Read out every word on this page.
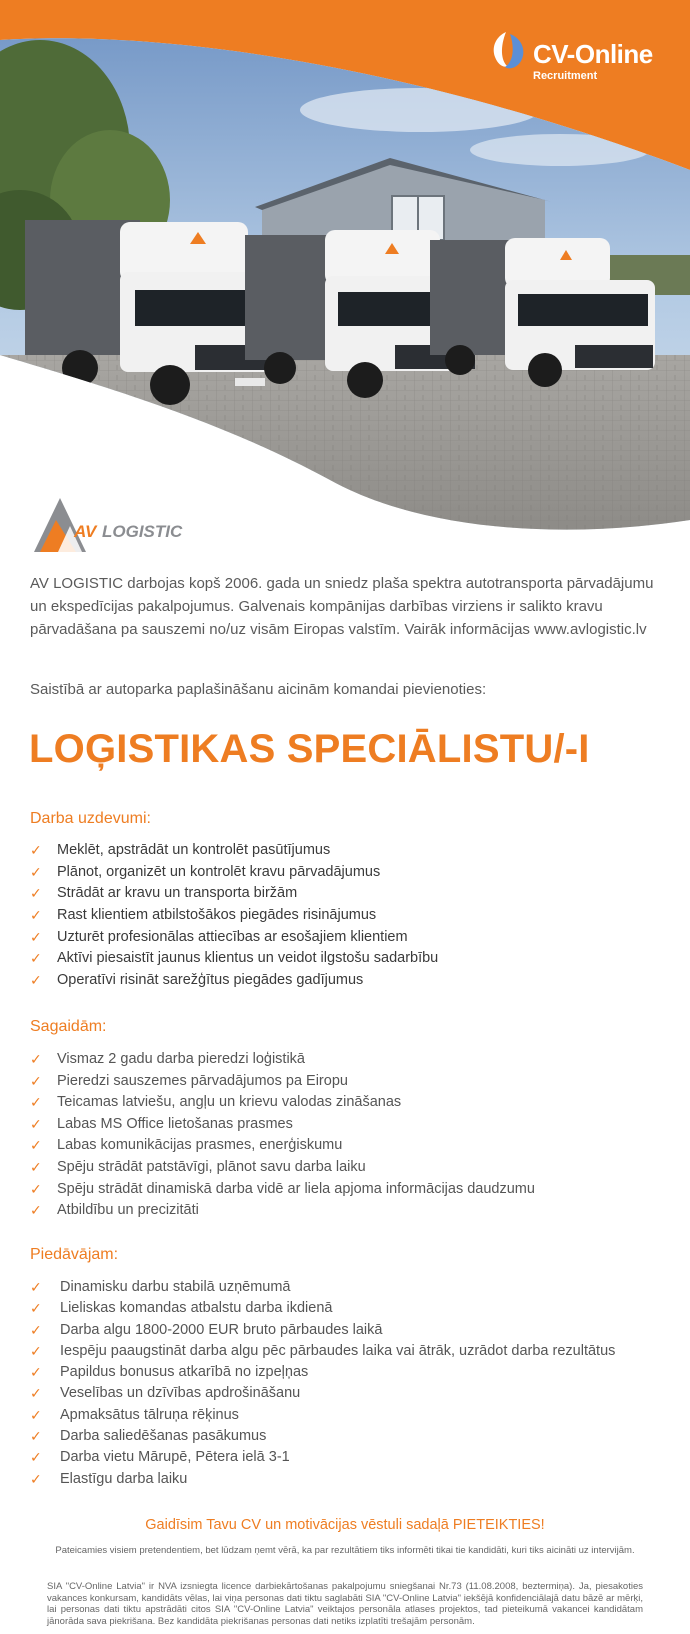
CV-Online
Recruitment
AV LOGISTIC
AV LOGISTIC darbojas kopš 2006. gada un sniedz plaša spektra autotransporta pārvadājumu un ekspedīcijas pakalpojumus. Galvenais kompānijas darbības virziens ir salikto kravu pārvadāšana pa sauszemi no/uz visām Eiropas valstīm. Vairāk informācijas www.avlogistic.lv
Saistībā ar autoparka paplašināšanu aicinām komandai pievienoties:
LOĢISTIKAS SPECIĀLISTU/-I
Darba uzdevumi:
✓ Meklēt, apstrādāt un kontrolēt pasūtījumus
✓ Plānot, organizēt un kontrolēt kravu pārvadājumus
✓ Strādāt ar kravu un transporta biržām
✓ Rast klientiem atbilstošākos piegādes risinājumus
✓ Uzturēt profesionālas attiecības ar esošajiem klientiem
✓ Aktīvi piesaistīt jaunus klientus un veidot ilgstošu sadarbību
✓ Operatīvi risināt sarežģītus piegādes gadījumus
Sagaidām:
✓ Vismaz 2 gadu darba pieredzi loģistikā
✓ Pieredzi sauszemes pārvadājumos pa Eiropu
✓ Teicamas latviešu, angļu un krievu valodas zināšanas
✓ Labas MS Office lietošanas prasmes
✓ Labas komunikācijas prasmes, enerģiskumu
✓ Spēju strādāt patstāvīgi, plānot savu darba laiku
✓ Spēju strādāt dinamiskā darba vidē ar liela apjoma informācijas daudzumu
✓ Atbildību un precizitāti
Piedāvājam:
✓ Dinamisku darbu stabilā uzņēmumā
✓ Lieliskas komandas atbalstu darba ikdienā
✓ Darba algu 1800-2000 EUR bruto pārbaudes laikā
✓ Iespēju paaugstināt darba algu pēc pārbaudes laika vai ātrāk, uzrādot darba rezultātus
✓ Papildus bonusus atkarībā no izpeļņas
✓ Veselības un dzīvības apdrošināšanu
✓ Apmaksātus tālruņa rēķinus
✓ Darba saliedēšanas pasākumus
✓ Darba vietu Mārupē, Pētera ielā 3-1
✓ Elastīgu darba laiku
Gaidīsim Tavu CV un motivācijas vēstuli sadaļā PIETEIKTIES!
Pateicamies visiem pretendentiem, bet lūdzam ņemt vērā, ka par rezultātiem tiks informēti tikai tie kandidāti, kuri tiks aicināti uz intervijām.
SIA "CV-Online Latvia" ir NVA izsniegta licence darbiekārtošanas pakalpojumu sniegšanai Nr.73 (11.08.2008, beztermiņa). Ja, piesakoties vakances konkursam, kandidāts vēlas, lai viņa personas dati tiktu saglabāti SIA "CV-Online Latvia" iekšējā konfidenciālajā datu bāzē ar mērķi, lai personas dati tiktu apstrādāti citos SIA "CV-Online Latvia" veiktajos personāla atlases projektos, tad pieteikumā vakancei kandidātam jānorāda sava piekrišana. Bez kandidāta piekrišanas personas dati netiks izplatīti trešajām personām.
